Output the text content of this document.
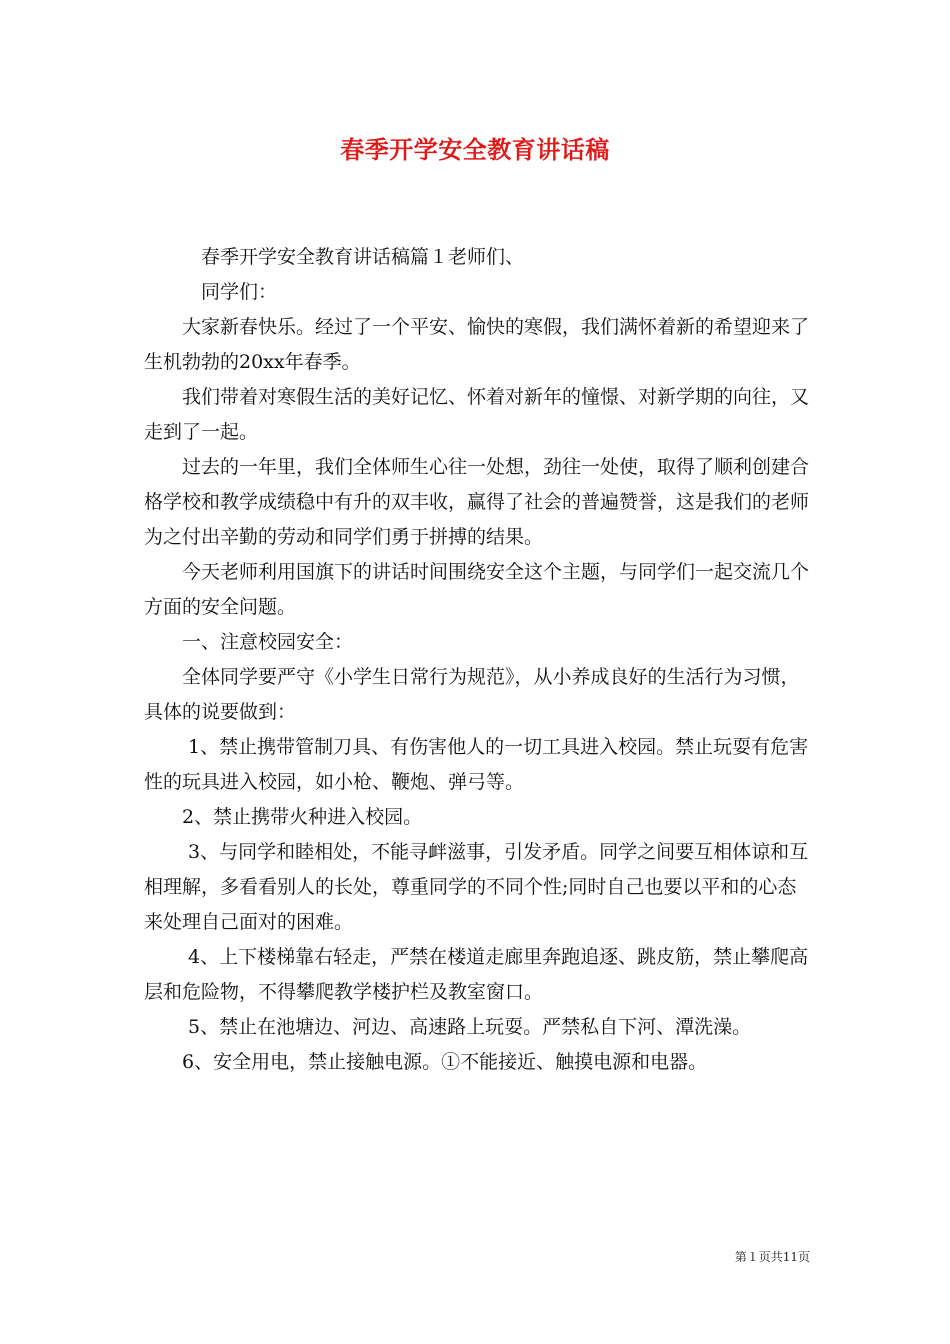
春季开学安全教育讲话稿

春季开学安全教育讲话稿篇１老师们、

同学们：

大家新春快乐。经过了一个平安、愉快的寒假，我们满怀着新的希望迎来了生机勃勃的20xx年春季。

我们带着对寒假生活的美好记忆、怀着对新年的憧憬、对新学期的向往，又走到了一起。

过去的一年里，我们全体师生心往一处想，劲往一处使，取得了顺利创建合格学校和教学成绩稳中有升的双丰收，赢得了社会的普遍赞誉，这是我们的老师为之付出辛勤的劳动和同学们勇于拼搏的结果。

今天老师利用国旗下的讲话时间围绕安全这个主题，与同学们一起交流几个方面的安全问题。

一、注意校园安全：

全体同学要严守《小学生日常行为规范》，从小养成良好的生活行为习惯，具体的说要做到：

1、禁止携带管制刀具、有伤害他人的一切工具进入校园。禁止玩耍有危害性的玩具进入校园，如小枪、鞭炮、弹弓等。

2、禁止携带火种进入校园。

3、与同学和睦相处，不能寻衅滋事，引发矛盾。同学之间要互相体谅和互相理解，多看看别人的长处，尊重同学的不同个性;同时自己也要以平和的心态来处理自己面对的困难。

4、上下楼梯靠右轻走，严禁在楼道走廊里奔跑追逐、跳皮筋，禁止攀爬高层和危险物，不得攀爬教学楼护栏及教室窗口。

5、禁止在池塘边、河边、高速路上玩耍。严禁私自下河、潭洗澡。

6、安全用电，禁止接触电源。①不能接近、触摸电源和电器。

第１页共11页
